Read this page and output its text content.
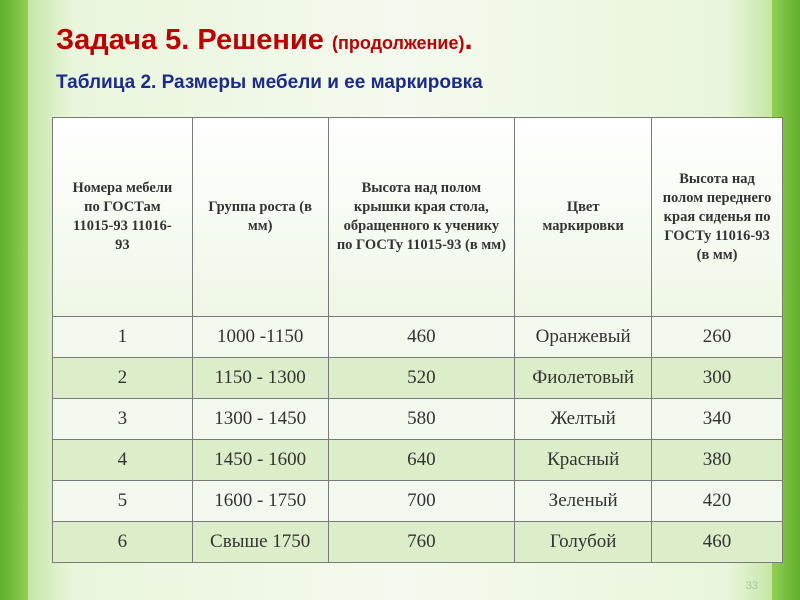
Задача 5. Решение (продолжение).
Таблица 2. Размеры мебели и ее маркировка
Номера мебели по ГОСТам 11015-93 11016-93	Группа роста (в мм)	Высота над полом крышки края стола, обращенного к ученику по ГОСТу 11015-93 (в мм)	Цвет маркировки	Высота над полом переднего края сиденья по ГОСТу 11016-93 (в мм)
1	1000 -1150	460	Оранжевый	260
2	1150 - 1300	520	Фиолетовый	300
3	1300 - 1450	580	Желтый	340
4	1450 - 1600	640	Красный	380
5	1600 - 1750	700	Зеленый	420
6	Свыше 1750	760	Голубой	460
33
